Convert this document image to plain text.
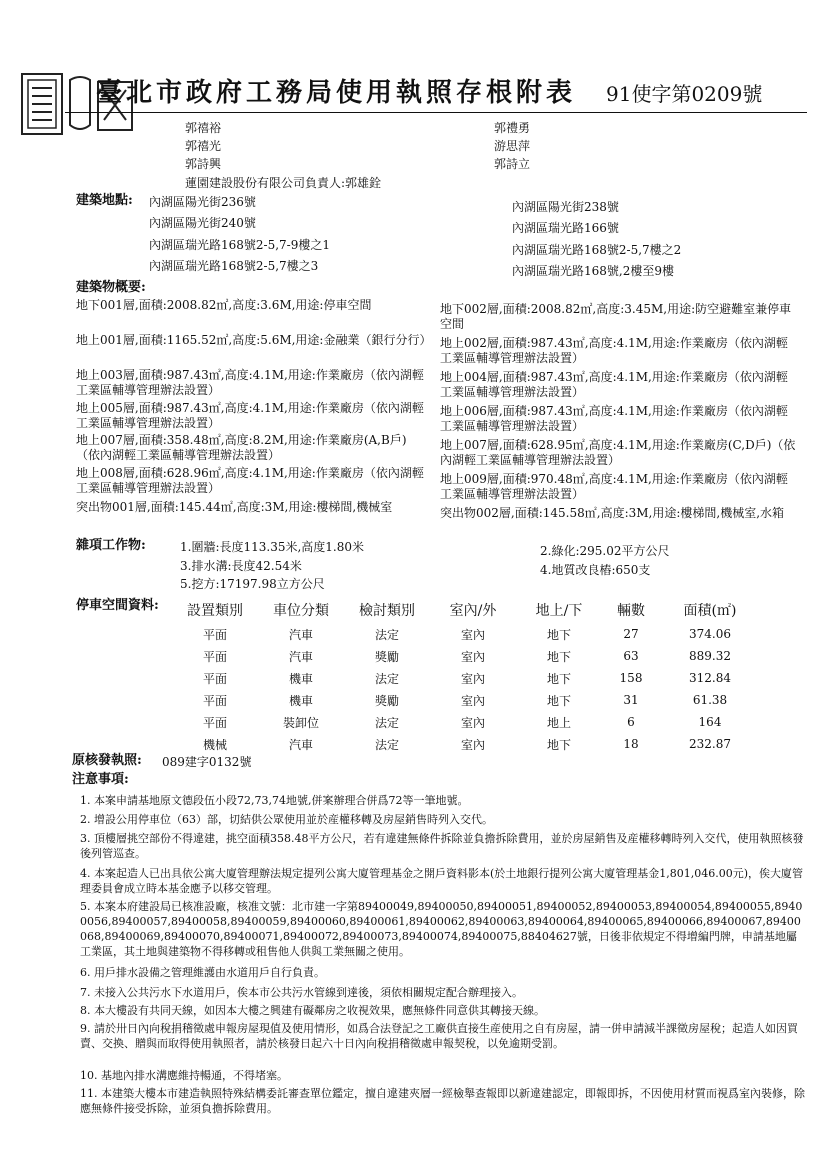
臺北市政府工務局使用執照存根附表 91使字第0209號
郭禧裕
郭禧光
郭詩興
蓮園建設股份有限公司負責人:郭雄銓
郭禮勇
游思萍
郭詩立
建築地點: 內湖區陽光街236號
內湖區陽光街240號
內湖區瑞光路168號2-5,7-9樓之1
內湖區瑞光路168號2-5,7樓之3
內湖區陽光街238號
內湖區瑞光路166號
內湖區瑞光路168號2-5,7樓之2
內湖區瑞光路168號,2樓至9樓
建築物概要:
地下001層,面積:2008.82㎡,高度:3.6M,用途:停車空間
地上001層,面積:1165.52㎡,高度:5.6M,用途:金融業（銀行分行）
地上003層,面積:987.43㎡,高度:4.1M,用途:作業廠房（依內湖輕工業區輔導管理辦法設置）
地上005層,面積:987.43㎡,高度:4.1M,用途:作業廠房（依內湖輕工業區輔導管理辦法設置）
地上007層,面積:358.48㎡,高度:8.2M,用途:作業廠房(A,B戶)（依內湖輕工業區輔導管理辦法設置）
地上008層,面積:628.96㎡,高度:4.1M,用途:作業廠房（依內湖輕工業區輔導管理辦法設置）
突出物001層,面積:145.44㎡,高度:3M,用途:樓梯間,機械室
地下002層,面積:2008.82㎡,高度:3.45M,用途:防空避難室兼停車空間
地上002層,面積:987.43㎡,高度:4.1M,用途:作業廠房（依內湖輕工業區輔導管理辦法設置）
地上004層,面積:987.43㎡,高度:4.1M,用途:作業廠房（依內湖輕工業區輔導管理辦法設置）
地上006層,面積:987.43㎡,高度:4.1M,用途:作業廠房（依內湖輕工業區輔導管理辦法設置）
地上007層,面積:628.95㎡,高度:4.1M,用途:作業廠房(C,D戶)（依內湖輕工業區輔導管理辦法設置）
地上009層,面積:970.48㎡,高度:4.1M,用途:作業廠房（依內湖輕工業區輔導管理辦法設置）
突出物002層,面積:145.58㎡,高度:3M,用途:樓梯間,機械室,水箱
雜項工作物:	1.圍牆:長度113.35米,高度1.80米	2.綠化:295.02平方公尺
3.排水溝:長度42.54米	4.地質改良樁:650支
5.挖方:17197.98立方公尺
停車空間資料: 設置類別	車位分類	檢討類別	室內/外	地上/下	輛數	面積(㎡)
平面	汽車	法定	室內	地下	27	374.06
平面	汽車	獎勵	室內	地下	63	889.32
平面	機車	法定	室內	地下	158	312.84
平面	機車	獎勵	室內	地下	31	61.38
平面	裝卸位	法定	室內	地上	6	164
機械	汽車	法定	室內	地下	18	232.87
原核發執照: 089建字0132號
注意事項:
1. 本案申請基地原文德段伍小段72,73,74地號,併案辦理合併爲72等一筆地號。
2. 增設公用停車位（63）部，切結供公眾使用並於産權移轉及房屋銷售時列入交代。
3. 頂樓層挑空部份不得違建，挑空面積358.48平方公尺，若有違建無條件拆除並負擔拆除費用，並於房屋銷售及産權移轉時列入交代，使用執照核發後列管巡查。
4. 本案起造人已出具依公寓大廈管理辦法規定提列公寓大廈管理基金之開戶資料影本(於土地銀行提列公寓大廈管理基金1,801,046.00元)，俟大廈管理委員會成立時本基金應予以移交管理。
5. 本案本府建設局已核准設廠，核准文號：北市建一字第89400049,89400050,89400051,89400052,89400053,89400054,89400055,89400056,89400057,89400058,89400059,89400060,89400061,89400062,89400063,89400064,89400065,89400066,89400067,89400068,89400069,89400070,89400071,89400072,89400073,89400074,89400075,88404627號，日後非依規定不得增編門牌，申請基地屬工業區，其土地與建築物不得移轉或租售他人供與工業無關之使用。
6. 用戶排水設備之管理維護由水道用戶自行負責。
7. 未接入公共污水下水道用戶，俟本市公共污水管線到達後，須依相關規定配合辦理接入。
8. 本大樓設有共同天線，如因本大樓之興建有礙鄰房之收視效果，應無條件同意供其轉接天線。
9. 請於卅日內向稅捐稽徵處申報房屋現值及使用情形，如爲合法登記之工廠供直接生産使用之自有房屋，請一併申請減半課徵房屋稅；起造人如因買賣、交換、贈與而取得使用執照者，請於核發日起六十日內向稅捐稽徵處申報契稅，以免逾期受罰。
10. 基地內排水溝應維持暢通，不得堵塞。
11. 本建築大樓本市建造執照特殊結構委託審查單位鑑定，擅自違建夾層一經檢舉查報即以新違建認定，即報即拆，不因使用材質而視爲室內裝修，除應無條件接受拆除，並須負擔拆除費用。
